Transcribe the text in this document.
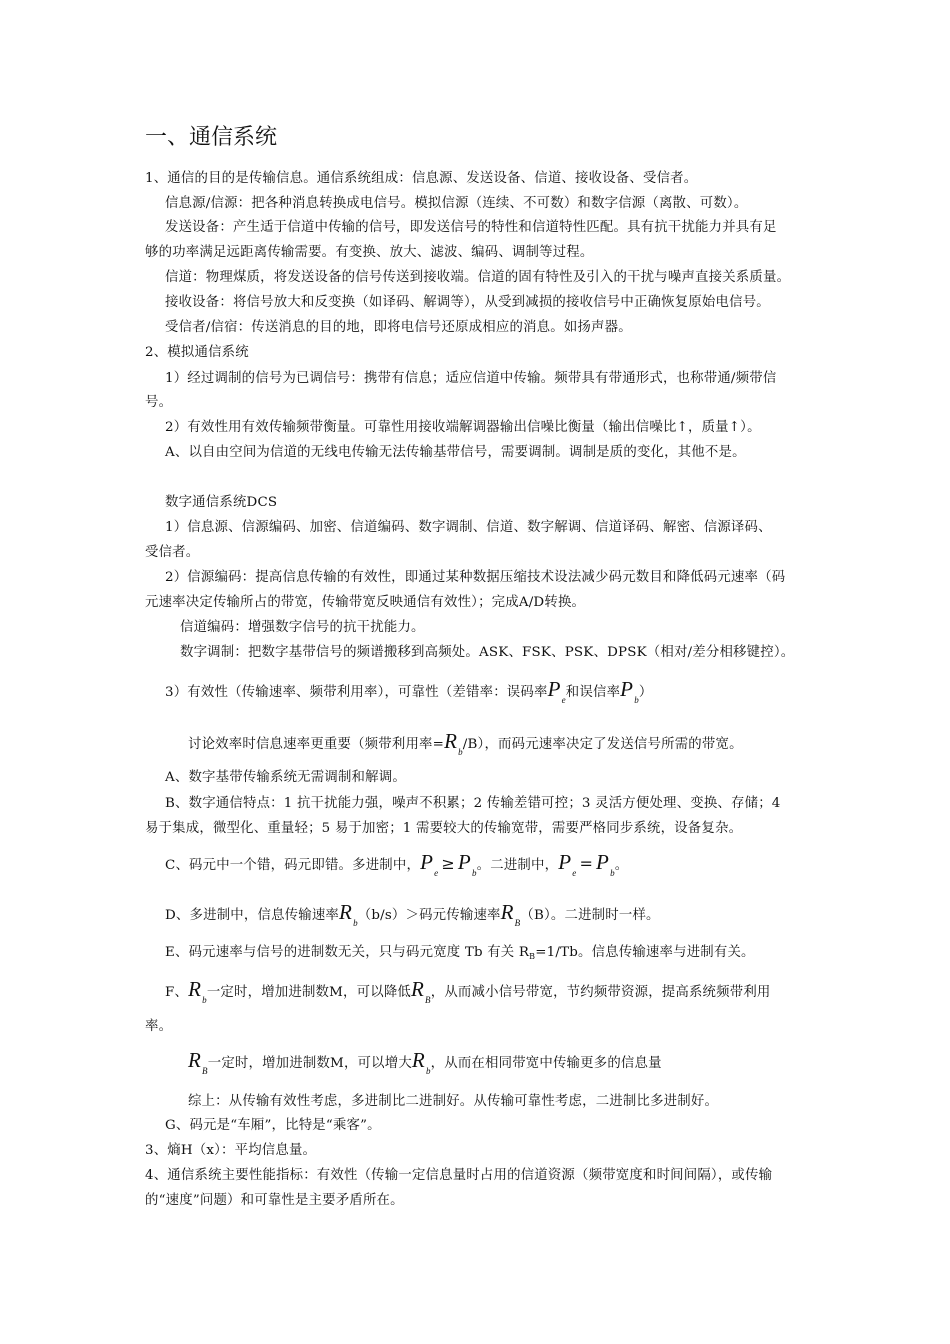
一、通信系统
1、通信的目的是传输信息。通信系统组成：信息源、发送设备、信道、接收设备、受信者。
信息源/信源：把各种消息转换成电信号。模拟信源（连续、不可数）和数字信源（离散、可数）。
发送设备：产生适于信道中传输的信号，即发送信号的特性和信道特性匹配。具有抗干扰能力并具有足
够的功率满足远距离传输需要。有变换、放大、滤波、编码、调制等过程。
信道：物理煤质，将发送设备的信号传送到接收端。信道的固有特性及引入的干扰与噪声直接关系质量。
接收设备：将信号放大和反变换（如译码、解调等），从受到减损的接收信号中正确恢复原始电信号。
受信者/信宿：传送消息的目的地，即将电信号还原成相应的消息。如扬声器。
2、模拟通信系统
1）经过调制的信号为已调信号：携带有信息；适应信道中传输。频带具有带通形式，也称带通/频带信
号。
2）有效性用有效传输频带衡量。可靠性用接收端解调器输出信噪比衡量（输出信噪比↑，质量↑）。
A、以自由空间为信道的无线电传输无法传输基带信号，需要调制。调制是质的变化，其他不是。
数字通信系统DCS
1）信息源、信源编码、加密、信道编码、数字调制、信道、数字解调、信道译码、解密、信源译码、
受信者。
2）信源编码：提高信息传输的有效性，即通过某种数据压缩技术设法减少码元数目和降低码元速率（码
元速率决定传输所占的带宽，传输带宽反映通信有效性）；完成A/D转换。
信道编码：增强数字信号的抗干扰能力。
数字调制：把数字基带信号的频谱搬移到高频处。ASK、FSK、PSK、DPSK（相对/差分相移键控）。
3）有效性（传输速率、频带利用率），可靠性（差错率：误码率$P_e$和误信率$P_b$）
讨论效率时信息速率更重要（频带利用率$=R_b/B$），而码元速率决定了发送信号所需的带宽。
A、数字基带传输系统无需调制和解调。
B、数字通信特点：1 抗干扰能力强，噪声不积累；2 传输差错可控；3 灵活方便处理、变换、存储；4
易于集成，微型化、重量轻；5 易于加密；1 需要较大的传输宽带，需要严格同步系统，设备复杂。
C、码元中一个错，码元即错。多进制中，$P_e \ge P_b$。二进制中，$P_e = P_b$。
D、多进制中，信息传输速率$R_b(b/s)>$码元传输速率$R_B(B)$。二进制时一样。
E、码元速率与信号的进制数无关，只与码元宽度 Tb 有关 $R_B=1/Tb$。信息传输速率与进制有关。
F、$R_b$一定时，增加进制数M，可以降低$R_B$，从而减小信号带宽，节约频带资源，提高系统频带利用
率。
$R_B$一定时，增加进制数M，可以增大$R_b$，从而在相同带宽中传输更多的信息量
综上：从传输有效性考虑，多进制比二进制好。从传输可靠性考虑，二进制比多进制好。
G、码元是“车厢”，比特是“乘客”。
3、熵H（x）：平均信息量。
4、通信系统主要性能指标：有效性（传输一定信息量时占用的信道资源（频带宽度和时间间隔），或传输
的“速度”问题）和可靠性是主要矛盾所在。
